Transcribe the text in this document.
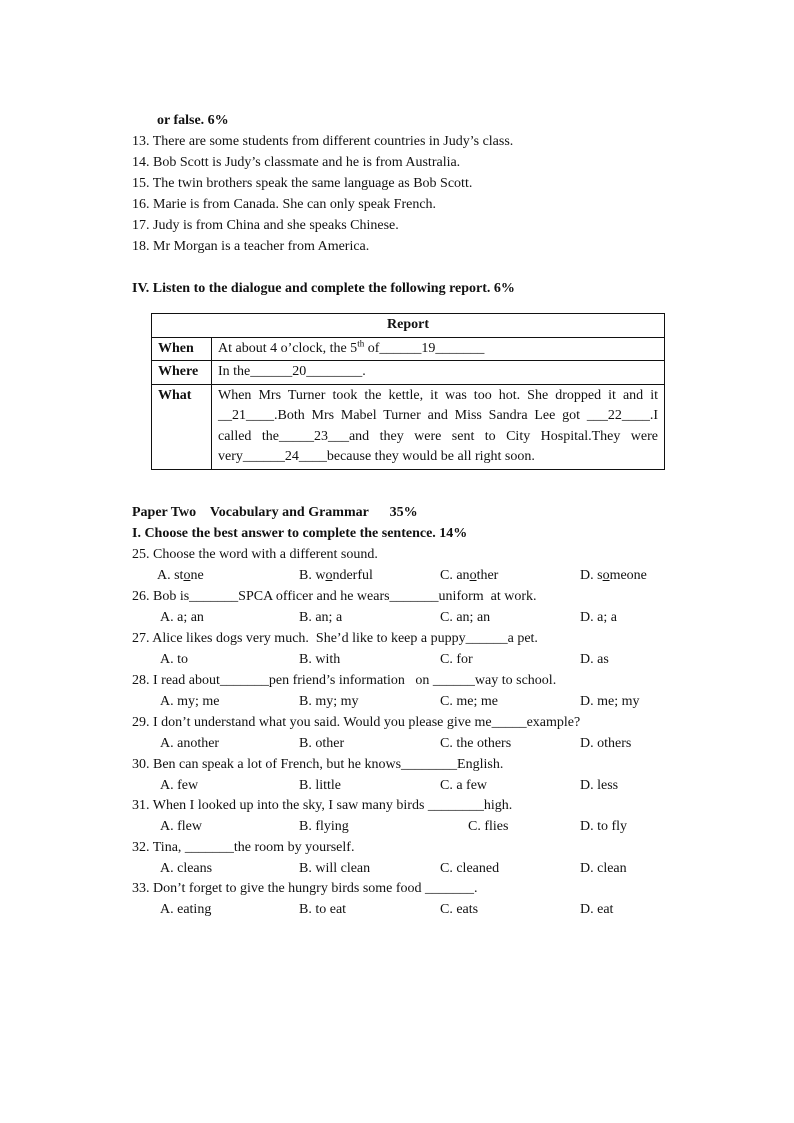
or false. 6%
13. There are some students from different countries in Judy’s class.
14. Bob Scott is Judy’s classmate and he is from Australia.
15. The twin brothers speak the same language as Bob Scott.
16. Marie is from Canada. She can only speak French.
17. Judy is from China and she speaks Chinese.
18. Mr Morgan is a teacher from America.
IV. Listen to the dialogue and complete the following report. 6%
Report	
When	At about 4 o’clock, the 5th of______19_______
Where	In the______20________.
What	When Mrs Turner took the kettle, it was too hot. She dropped it and it __21____.Both Mrs Mabel Turner and Miss Sandra Lee got ___22____.I called the_____23___and they were sent to City Hospital.They were very______24____because they would be all right soon.
Paper Two    Vocabulary and Grammar      35%
I. Choose the best answer to complete the sentence. 14%
25. Choose the word with a different sound.
A. stone	B. wonderful	C. another	D. someone
26. Bob is_______SPCA officer and he wears_______uniform  at work.
A. a; an	B. an; a	C. an; an	D. a; a
27. Alice likes dogs very much.  She’d like to keep a puppy______a pet.
A. to	B. with	C. for	D. as
28. I read about_______pen friend’s information   on ______way to school.
A. my; me	B. my; my	C. me; me	D. me; my
29. I don’t understand what you said. Would you please give me_____example?
A. another	B. other	C. the others	D. others
30. Ben can speak a lot of French, but he knows________English.
A. few	B. little	C. a few	D. less
31. When I looked up into the sky, I saw many birds ________high.
A. flew	B. flying	C. flies	D. to fly
32. Tina, _______the room by yourself.
A. cleans	B. will clean	C. cleaned	D. clean
33. Don’t forget to give the hungry birds some food _______.
A. eating	B. to eat	C. eats	D. eat
